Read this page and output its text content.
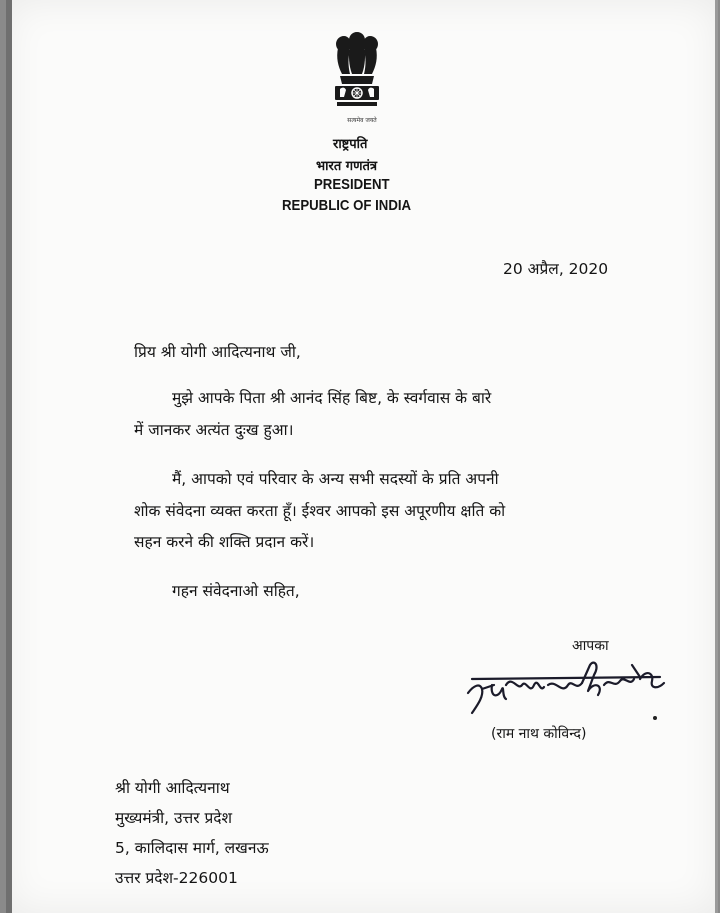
सत्यमेव जयते
राष्ट्रपति
भारत गणतंत्र
PRESIDENT
REPUBLIC OF INDIA
20 अप्रैल, 2020
प्रिय श्री योगी आदित्यनाथ जी,
मुझे आपके पिता श्री आनंद सिंह बिष्ट, के स्वर्गवास के बारे
में जानकर अत्यंत दुःख हुआ।
मैं, आपको एवं परिवार के अन्य सभी सदस्यों के प्रति अपनी
शोक संवेदना व्यक्त करता हूँ। ईश्वर आपको इस अपूरणीय क्षति को
सहन करने की शक्ति प्रदान करें।
गहन संवेदनाओ सहित,
आपका
(राम नाथ कोविन्द)
श्री योगी आदित्यनाथ
मुख्यमंत्री, उत्तर प्रदेश
5, कालिदास मार्ग, लखनऊ
उत्तर प्रदेश-226001
